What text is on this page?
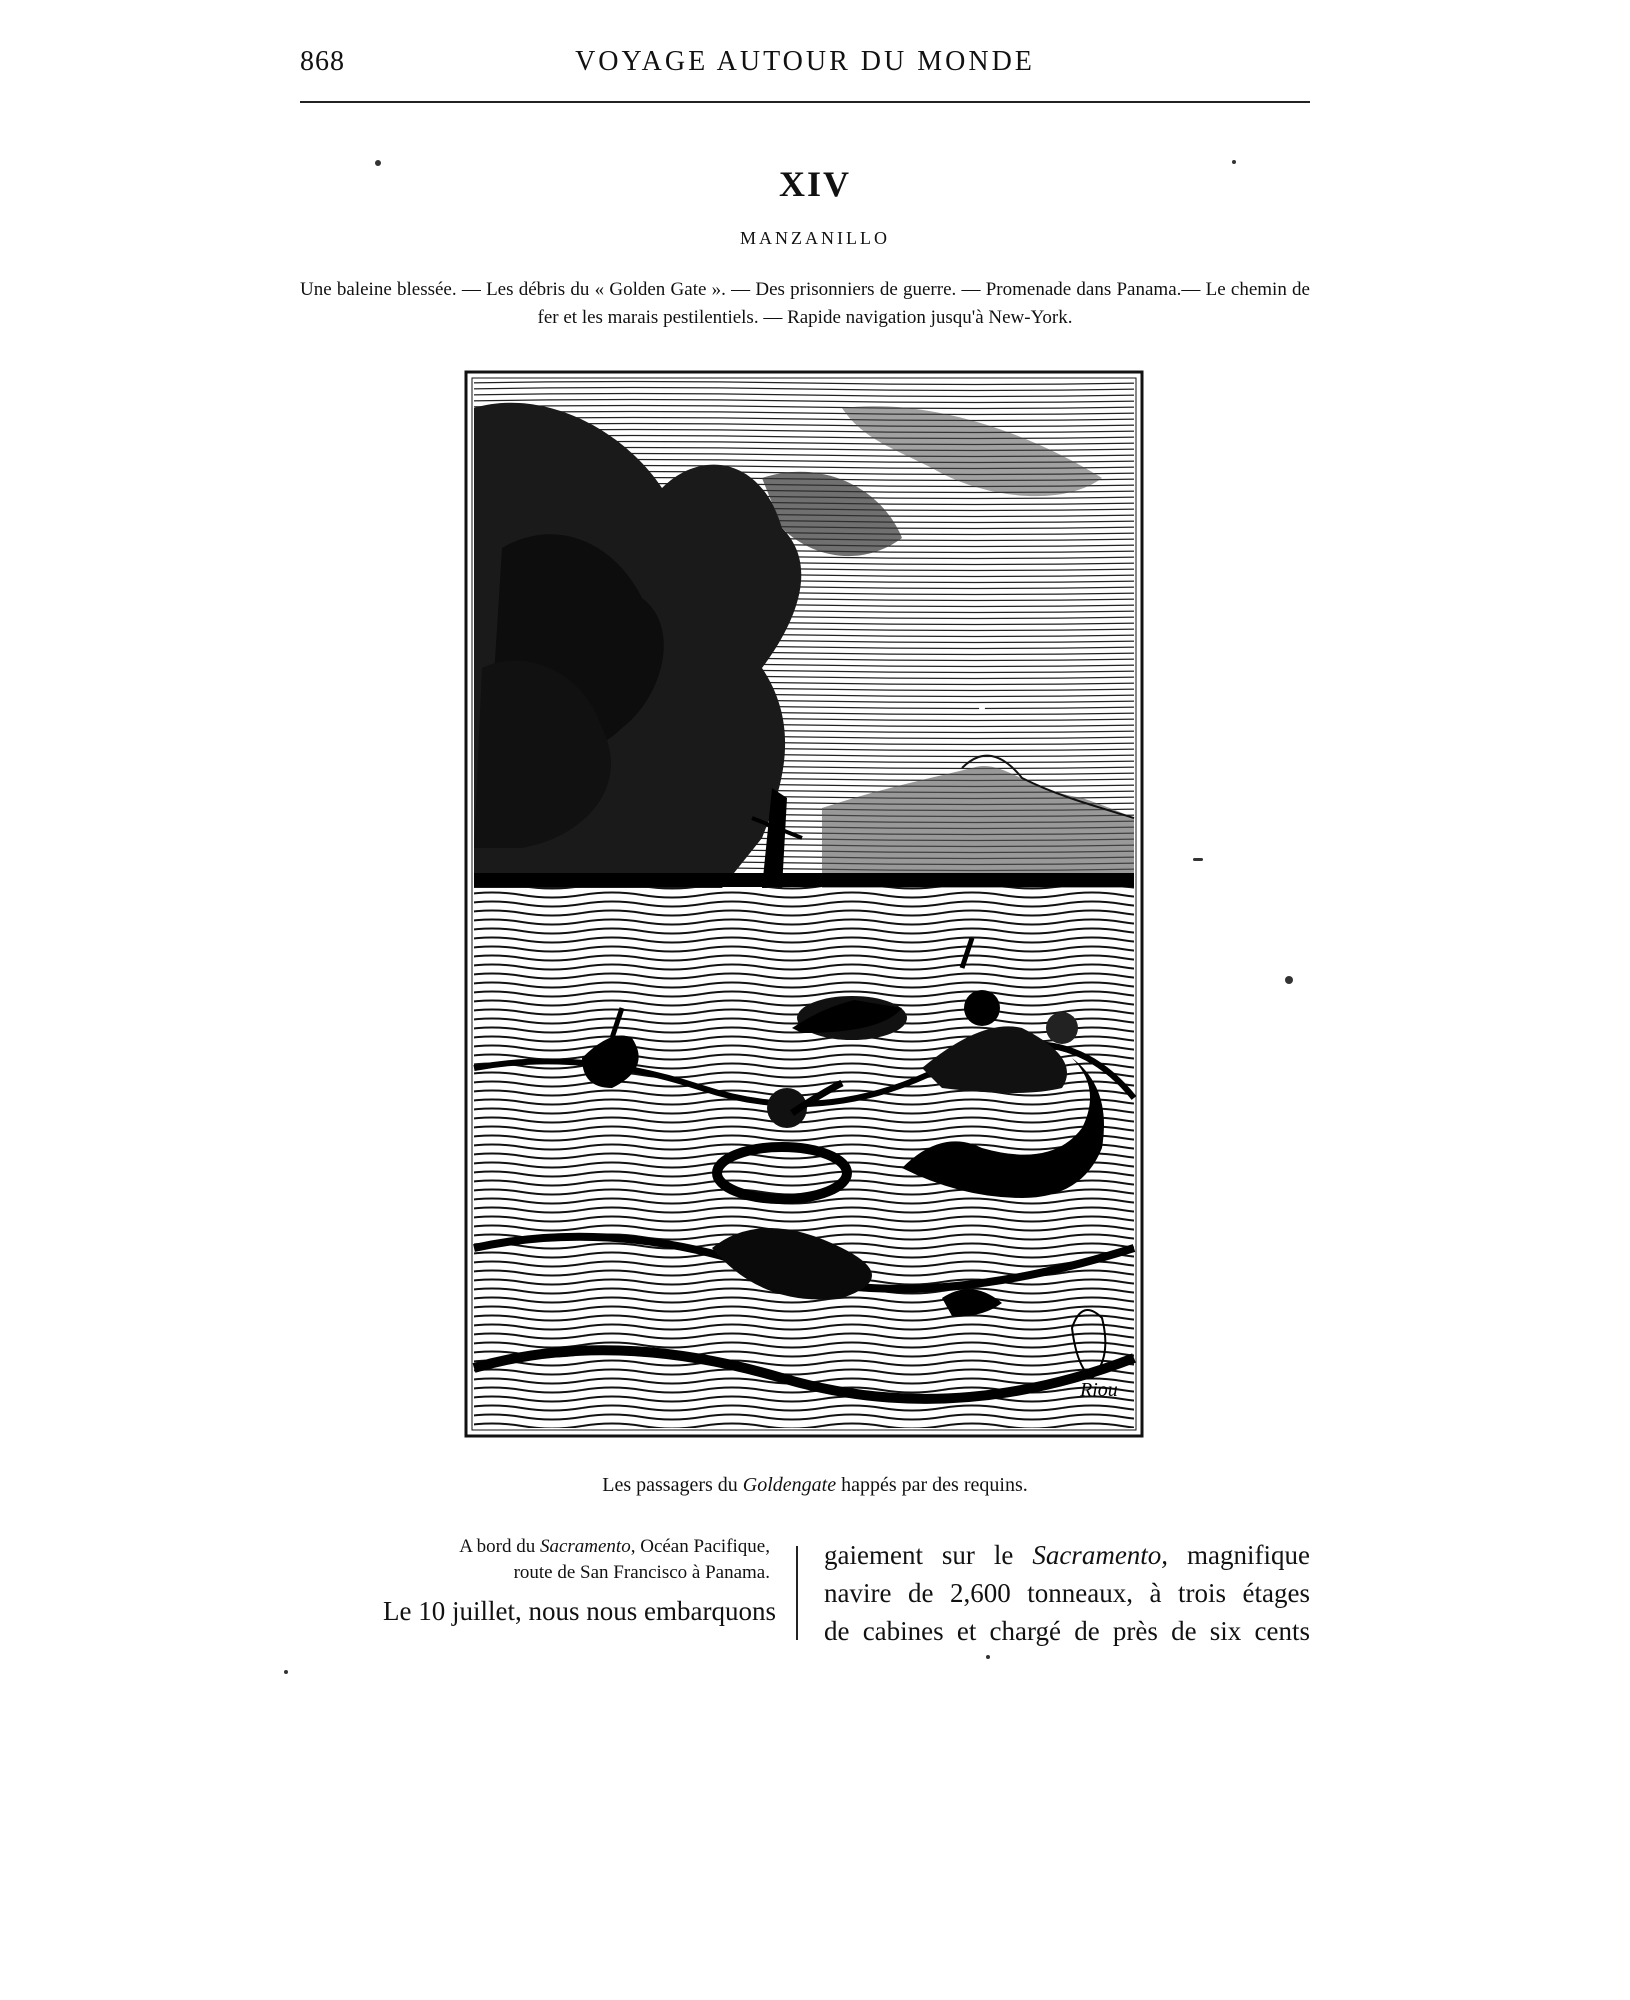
868	VOYAGE AUTOUR DU MONDE
XIV
MANZANILLO
Une baleine blessée. — Les débris du « Golden Gate ». — Des prisonniers de guerre. — Promenade dans Panama.— Le chemin de fer et les marais pestilentiels. — Rapide navigation jusqu'à New-York.
Riou
Les passagers du Goldengate happés par des requins.
A bord du Sacramento, Océan Pacifique,
route de San Francisco à Panama.
Le 10 juillet, nous nous embarquons
gaiement sur le Sacramento, magnifique
navire de 2,600 tonneaux, à trois étages
de cabines et chargé de près de six cents
